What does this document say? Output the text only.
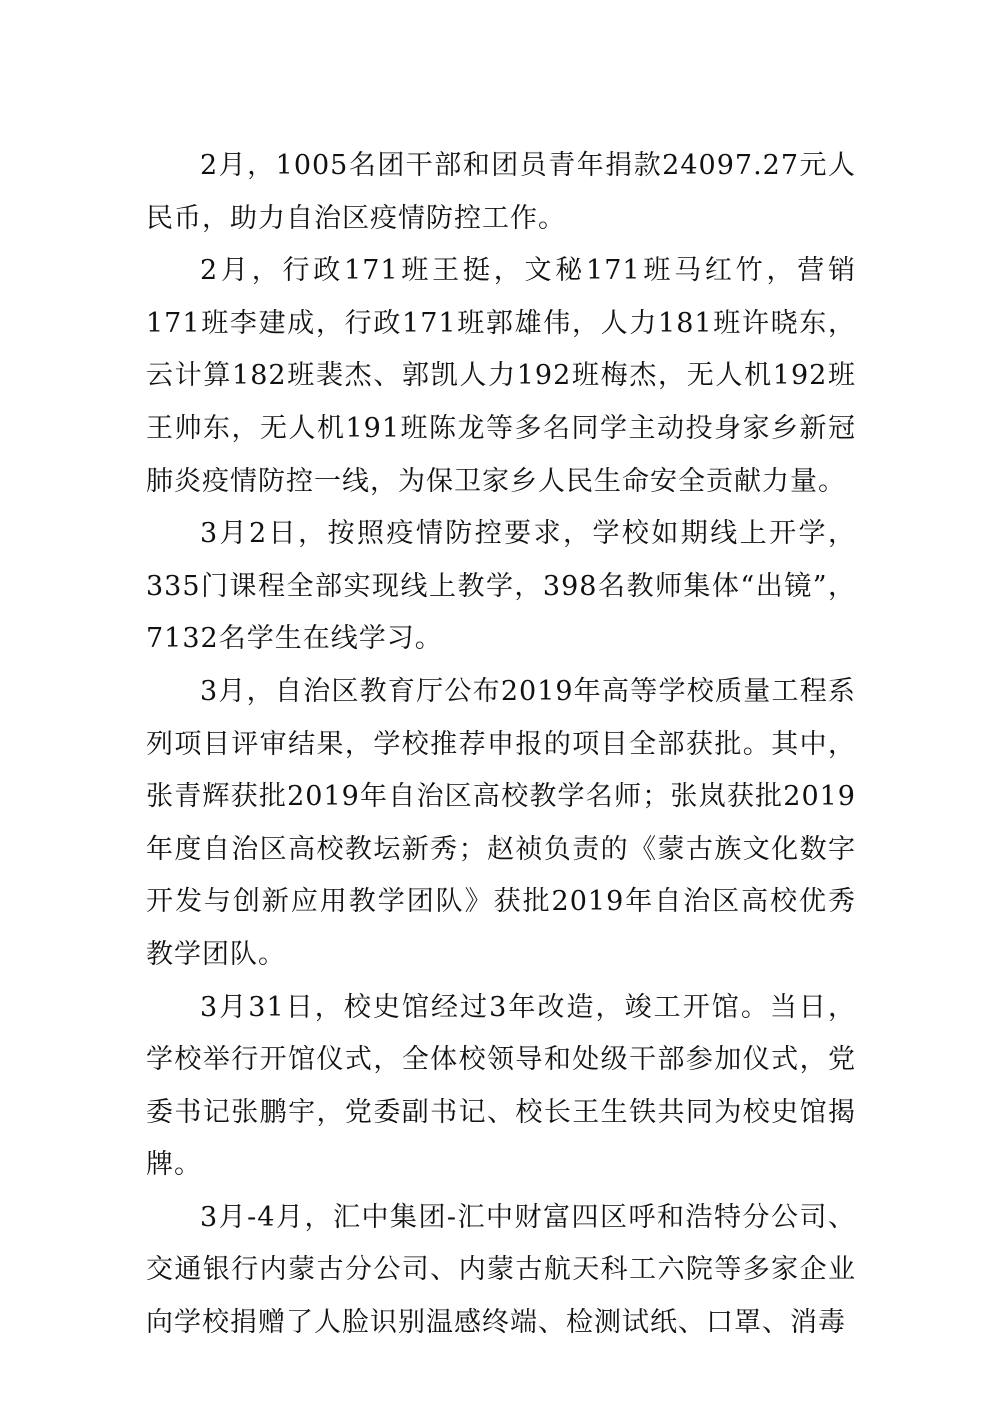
2月，1005名团干部和团员青年捐款24097.27元人民币，助力自治区疫情防控工作。

2月，行政171班王挺，文秘171班马红竹，营销171班李建成，行政171班郭雄伟，人力181班许晓东，云计算182班裴杰、郭凯人力192班梅杰，无人机192班王帅东，无人机191班陈龙等多名同学主动投身家乡新冠肺炎疫情防控一线，为保卫家乡人民生命安全贡献力量。

3月2日，按照疫情防控要求，学校如期线上开学，335门课程全部实现线上教学，398名教师集体“出镜”，7132名学生在线学习。

3月，自治区教育厅公布2019年高等学校质量工程系列项目评审结果，学校推荐申报的项目全部获批。其中，张青辉获批2019年自治区高校教学名师；张岚获批2019年度自治区高校教坛新秀；赵祯负责的《蒙古族文化数字开发与创新应用教学团队》获批2019年自治区高校优秀教学团队。

3月31日，校史馆经过3年改造，竣工开馆。当日，学校举行开馆仪式，全体校领导和处级干部参加仪式，党委书记张鹏宇，党委副书记、校长王生铁共同为校史馆揭牌。

3月-4月，汇中集团-汇中财富四区呼和浩特分公司、交通银行内蒙古分公司、内蒙古航天科工六院等多家企业向学校捐赠了人脸识别温感终端、检测试纸、口罩、消毒
